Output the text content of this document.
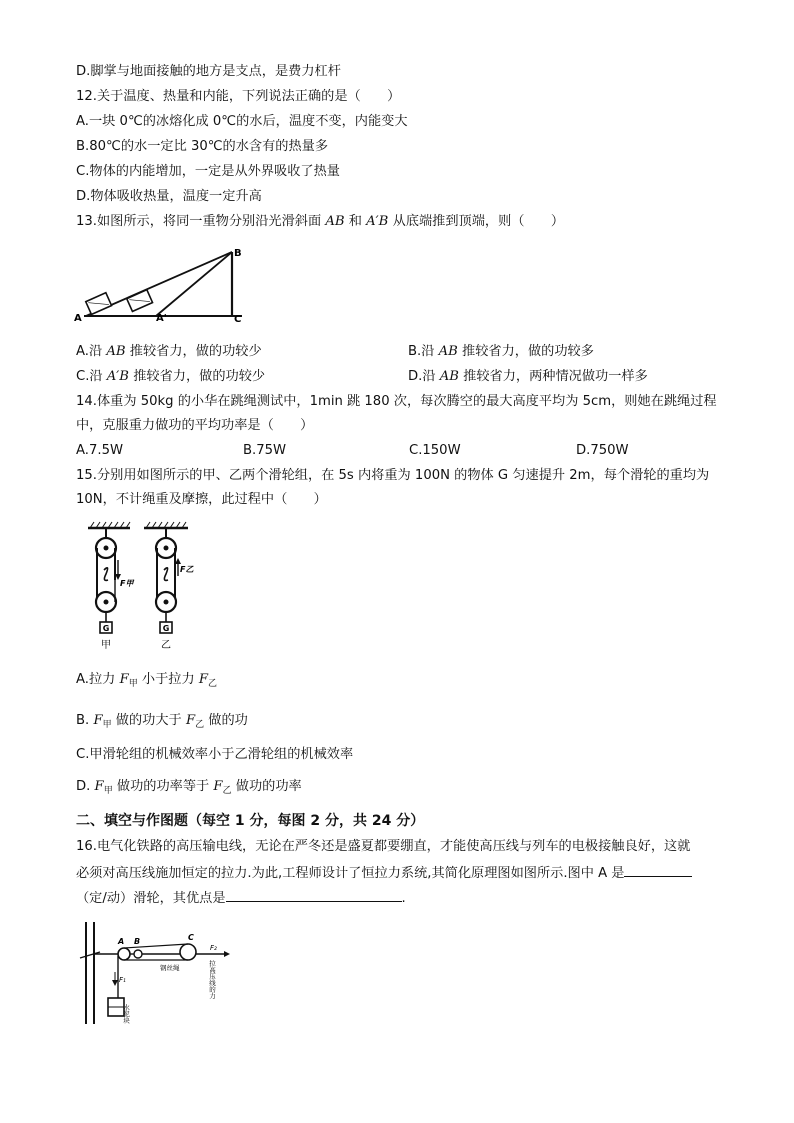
D.脚掌与地面接触的地方是支点，是费力杠杆
12.关于温度、热量和内能，下列说法正确的是（　　）
A.一块 0℃的冰熔化成 0℃的水后，温度不变，内能变大
B.80℃的水一定比 30℃的水含有的热量多
C.物体的内能增加，一定是从外界吸收了热量
D.物体吸收热量，温度一定升高
13.如图所示，将同一重物分别沿光滑斜面 AB 和 A′B 从底端推到顶端，则（　　）
A	A'
B
C
A.沿 AB 推较省力，做的功较少	B.沿 AB 推较省力，做的功较多
C.沿 A′B 推较省力，做的功较少	D.沿 AB 推较省力，两种情况做功一样多
14.体重为 50kg 的小华在跳绳测试中，1min 跳 180 次，每次腾空的最大高度平均为 5cm，则她在跳绳过程
中，克服重力做功的平均功率是（　　）
A.7.5W	B.75W	C.150W	D.750W
15.分别用如图所示的甲、乙两个滑轮组，在 5s 内将重为 100N 的物体 G 匀速提升 2m，每个滑轮的重均为
10N，不计绳重及摩擦，此过程中（　　）
G
F甲
甲
G
F乙
乙
A.拉力 $F_甲$ 小于拉力 $F_乙$
B. $F_甲$ 做的功大于 $F_乙$ 做的功
C.甲滑轮组的机械效率小于乙滑轮组的机械效率
D. $F_甲$ 做功的功率等于 $F_乙$ 做功的功率
二、填空与作图题（每空 1 分，每图 2 分，共 24 分）
16.电气化铁路的高压输电线，无论在严冬还是盛夏都要绷直，才能使高压线与列车的电极接触良好，这就
必须对高压线施加恒定的拉力.为此,工程师设计了恒拉力系统,其简化原理图如图所示.图中 A 是
（定/动）滑轮，其优点是	.
F₁
水泥块
钢丝绳
A B	C
F₂
拉高压线的力
